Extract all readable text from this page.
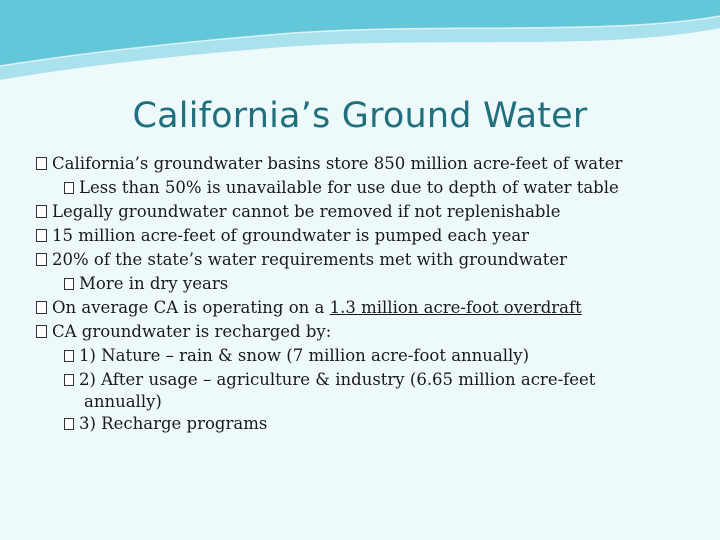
California’s Ground Water
California’s groundwater basins store 850 million acre-feet of water
Less than 50% is unavailable for use due to depth of water table
Legally groundwater cannot be removed if not replenishable
15 million acre-feet of groundwater is pumped each year
20% of the state’s water requirements met with groundwater
More in dry years
On average CA is operating on a 1.3 million acre-foot overdraft
CA groundwater is recharged by:
1) Nature – rain & snow (7 million acre-foot annually)
2) After usage – agriculture & industry (6.65 million acre-feet
annually)
3) Recharge programs
